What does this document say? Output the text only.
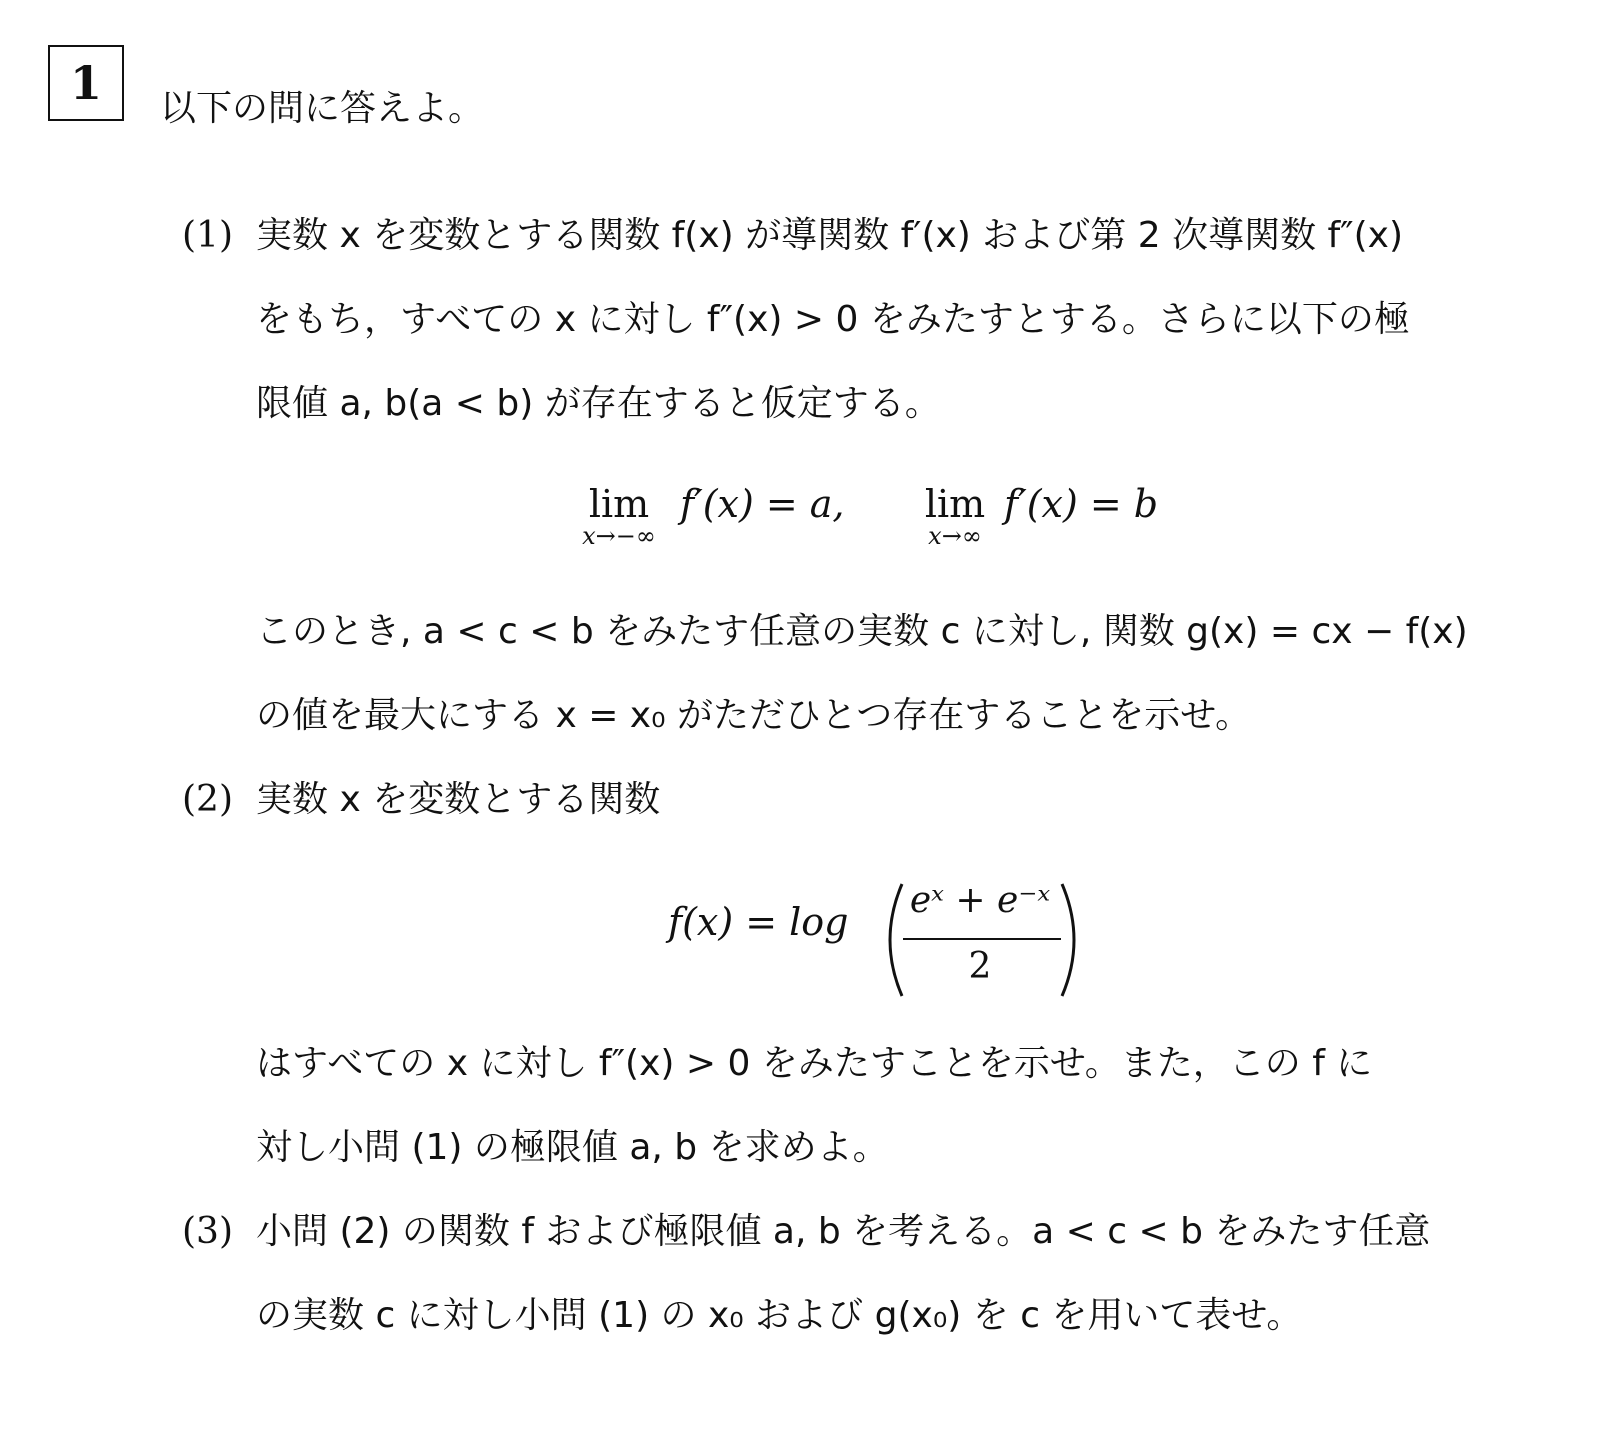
1 以下の問に答えよ。
(1) 実数 x を変数とする関数 f(x) が導関数 f′(x) および第 2 次導関数 f″(x)
をもち，すべての x に対し f″(x) > 0 をみたすとする。さらに以下の極
限値 a, b(a < b) が存在すると仮定する。
lim
x→−∞
f′(x) = a, lim
x→∞
f′(x) = b
このとき, a < c < b をみたす任意の実数 c に対し, 関数 g(x) = cx − f(x)
の値を最大にする x = x₀ がただひとつ存在することを示せ。
(2) 実数 x を変数とする関数
f(x) = log eˣ + e⁻ˣ
2
はすべての x に対し f″(x) > 0 をみたすことを示せ。また，この f に
対し小問 (1) の極限値 a, b を求めよ。
(3) 小問 (2) の関数 f および極限値 a, b を考える。a < c < b をみたす任意
の実数 c に対し小問 (1) の x₀ および g(x₀) を c を用いて表せ。
